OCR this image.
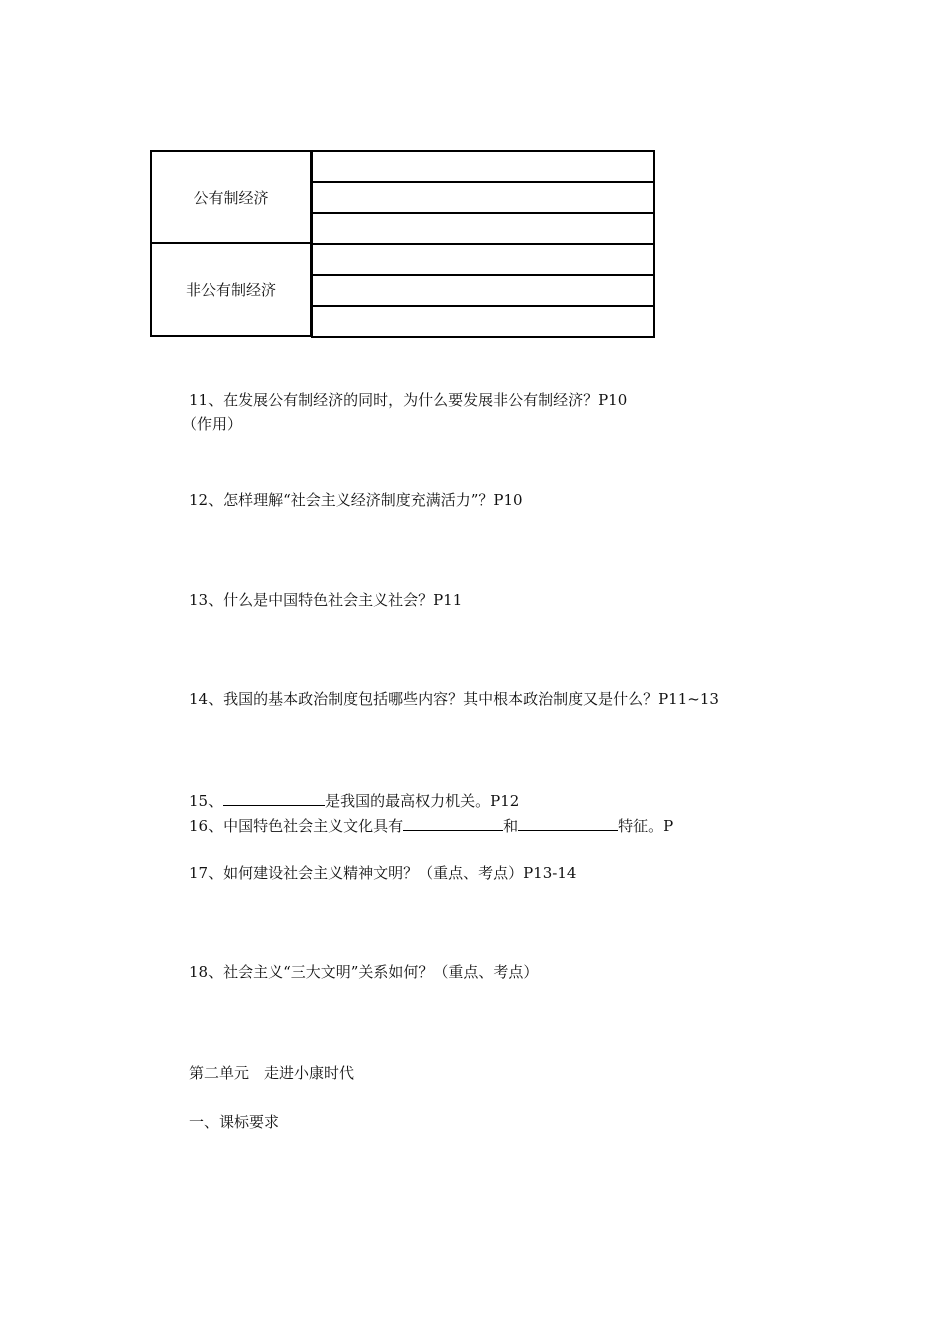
公有制经济
非公有制经济
11、在发展公有制经济的同时，为什么要发展非公有制经济？P10
（作用）
12、怎样理解“社会主义经济制度充满活力”？P10
13、什么是中国特色社会主义社会？P11
14、我国的基本政治制度包括哪些内容？其中根本政治制度又是什么？P11~13
15、	是我国的最高权力机关。P12
16、中国特色社会主义文化具有	和	特征。P
17、如何建设社会主义精神文明？（重点、考点）P13-14
18、社会主义“三大文明”关系如何？（重点、考点）
第二单元　走进小康时代
一、课标要求
